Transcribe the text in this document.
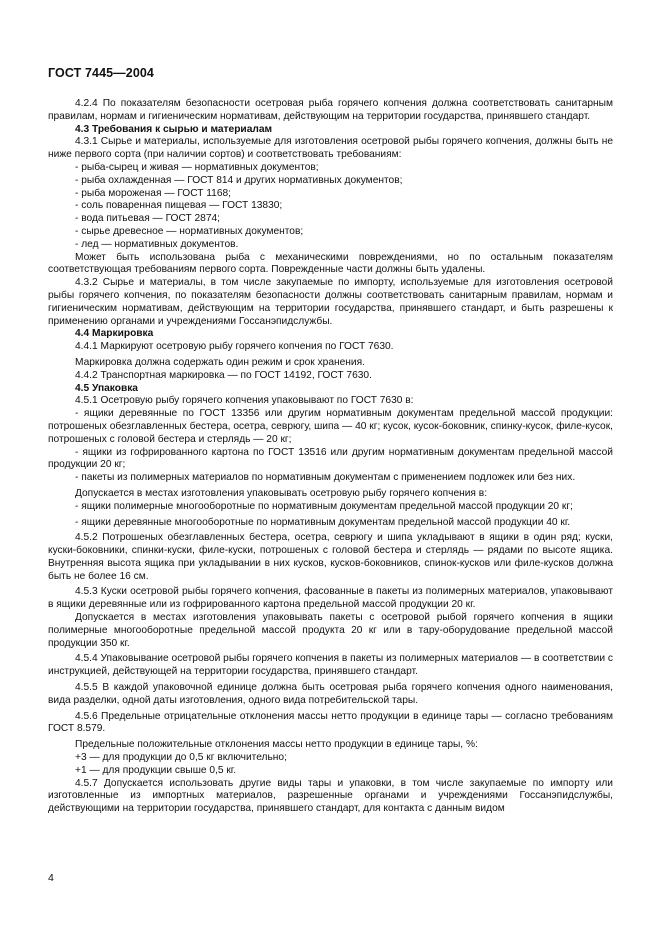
ГОСТ 7445—2004

4.2.4 По показателям безопасности осетровая рыба горячего копчения должна соответствовать санитарным правилам, нормам и гигиеническим нормативам, действующим на территории государства, принявшего стандарт.

4.3 Требования к сырью и материалам

4.3.1 Сырье и материалы, используемые для изготовления осетровой рыбы горячего копчения, должны быть не ниже первого сорта (при наличии сортов) и соответствовать требованиям:

- рыба-сырец и живая — нормативных документов;

- рыба охлажденная — ГОСТ 814 и других нормативных документов;

- рыба мороженая — ГОСТ 1168;

- соль поваренная пищевая — ГОСТ 13830;

- вода питьевая — ГОСТ 2874;

- сырье древесное — нормативных документов;

- лед — нормативных документов.

Может быть использована рыба с механическими повреждениями, но по остальным показателям соответствующая требованиям первого сорта. Поврежденные части должны быть удалены.

4.3.2 Сырье и материалы, в том числе закупаемые по импорту, используемые для изготовления осетровой рыбы горячего копчения, по показателям безопасности должны соответствовать санитарным правилам, нормам и гигиеническим нормативам, действующим на территории государства, принявшего стандарт, и быть разрешены к применению органами и учреждениями Госсанэпидслужбы.

4.4 Маркировка

4.4.1 Маркируют осетровую рыбу горячего копчения по ГОСТ 7630.

Маркировка должна содержать один режим и срок хранения.

4.4.2 Транспортная маркировка — по ГОСТ 14192, ГОСТ 7630.

4.5 Упаковка

4.5.1 Осетровую рыбу горячего копчения упаковывают по ГОСТ 7630 в:

- ящики деревянные по ГОСТ 13356 или другим нормативным документам предельной массой продукции: потрошеных обезглавленных бестера, осетра, севрюгу, шипа — 40 кг; кусок, кусок-боковник, спинку-кусок, филе-кусок, потрошеных с головой бестера и стерлядь — 20 кг;

- ящики из гофрированного картона по ГОСТ 13516 или другим нормативным документам предельной массой продукции 20 кг;

- пакеты из полимерных материалов по нормативным документам с применением подложек или без них.

Допускается в местах изготовления упаковывать осетровую рыбу горячего копчения в:

- ящики полимерные многооборотные по нормативным документам предельной массой продукции 20 кг;

- ящики деревянные многооборотные по нормативным документам предельной массой продукции 40 кг.

4.5.2 Потрошеных обезглавленных бестера, осетра, севрюгу и шипа укладывают в ящики в один ряд; куски, куски-боковники, спинки-куски, филе-куски, потрошеных с головой бестера и стерлядь — рядами по высоте ящика. Внутренняя высота ящика при укладывании в них кусков, кусков-боковников, спинок-кусков или филе-кусков должна быть не более 16 см.

4.5.3 Куски осетровой рыбы горячего копчения, фасованные в пакеты из полимерных материалов, упаковывают в ящики деревянные или из гофрированного картона предельной массой продукции 20 кг.

Допускается в местах изготовления упаковывать пакеты с осетровой рыбой горячего копчения в ящики полимерные многооборотные предельной массой продукта 20 кг или в тару-оборудование предельной массой продукции 350 кг.

4.5.4 Упаковывание осетровой рыбы горячего копчения в пакеты из полимерных материалов — в соответствии с инструкцией, действующей на территории государства, принявшего стандарт.

4.5.5 В каждой упаковочной единице должна быть осетровая рыба горячего копчения одного наименования, вида разделки, одной даты изготовления, одного вида потребительской тары.

4.5.6 Предельные отрицательные отклонения массы нетто продукции в единице тары — согласно требованиям ГОСТ 8.579.

Предельные положительные отклонения массы нетто продукции в единице тары, %:

+3 — для продукции до 0,5 кг включительно;

+1 — для продукции свыше 0,5 кг.

4.5.7 Допускается использовать другие виды тары и упаковки, в том числе закупаемые по импорту или изготовленные из импортных материалов, разрешенные органами и учреждениями Госсанэпидслужбы, действующими на территории государства, принявшего стандарт, для контакта с данным видом

4
